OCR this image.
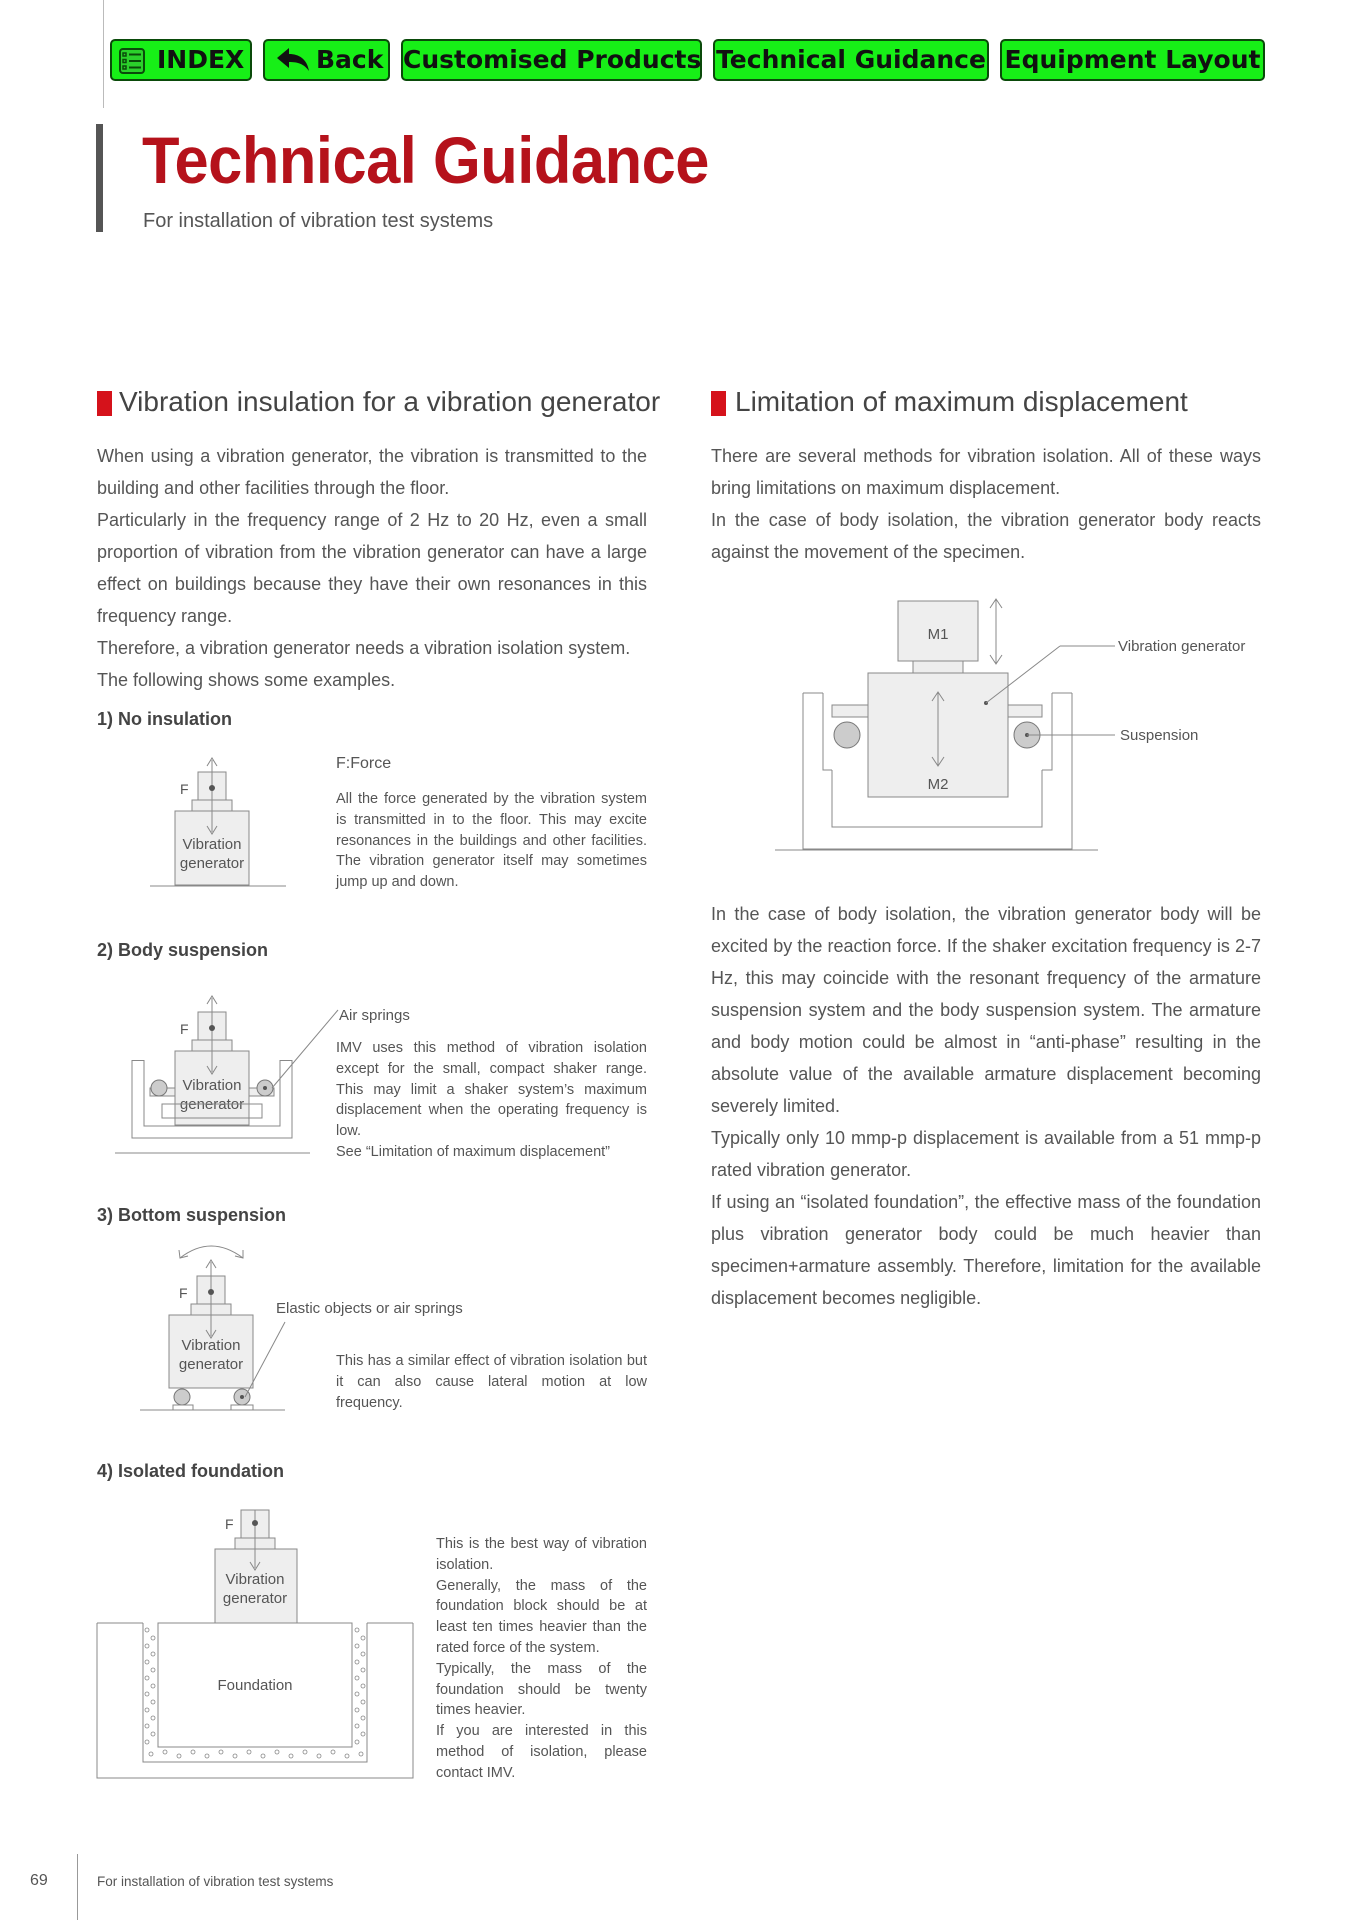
INDEX	Back Customised Products Technical Guidance Equipment Layout
Technical Guidance
For installation of vibration test systems
Vibration insulation for a vibration generator
When using a vibration generator, the vibration is transmitted to the building and other facilities through the floor.
Particularly in the frequency range of 2 Hz to 20 Hz, even a small proportion of vibration from the vibration generator can have a large effect on buildings because they have their own resonances in this frequency range.
Therefore, a vibration generator needs a vibration isolation system.
The following shows some examples.
1) No insulation
F
Vibration
generator
F:Force
All the force generated by the vibration system is transmitted in to the floor. This may excite resonances in the buildings and other facilities. The vibration generator itself may sometimes jump up and down.
2) Body suspension
F
Vibration
generator
Air springs
IMV uses this method of vibration isolation except for the small, compact shaker range. This may limit a shaker system’s maximum displacement when the operating frequency is low.
See “Limitation of maximum displacement”
3) Bottom suspension
F
Vibration
generator
Elastic objects or air springs
This has a similar effect of vibration isolation but it can also cause lateral motion at low frequency.
4) Isolated foundation
F
Vibration
generator
Foundation
This is the best way of vibration isolation.
Generally, the mass of the foundation block should be at least ten times heavier than the rated force of the system.
Typically, the mass of the foundation should be twenty times heavier.
If you are interested in this method of isolation, please contact IMV.
Limitation of maximum displacement
There are several methods for vibration isolation. All of these ways bring limitations on maximum displacement.
In the case of body isolation, the vibration generator body reacts against the movement of the specimen.
M1
M2
Vibration generator
Suspension
In the case of body isolation, the vibration generator body will be excited by the reaction force. If the shaker excitation frequency is 2-7 Hz, this may coincide with the resonant frequency of the armature suspension system and the body suspension system. The armature and body motion could be almost in “anti-phase” resulting in the absolute value of the available armature displacement becoming severely limited.
Typically only 10 mmp-p displacement is available from a 51 mmp-p rated vibration generator.
If using an “isolated foundation”, the effective mass of the foundation plus vibration generator body could be much heavier than specimen+armature assembly. Therefore, limitation for the available displacement becomes negligible.
69	For installation of vibration test systems
